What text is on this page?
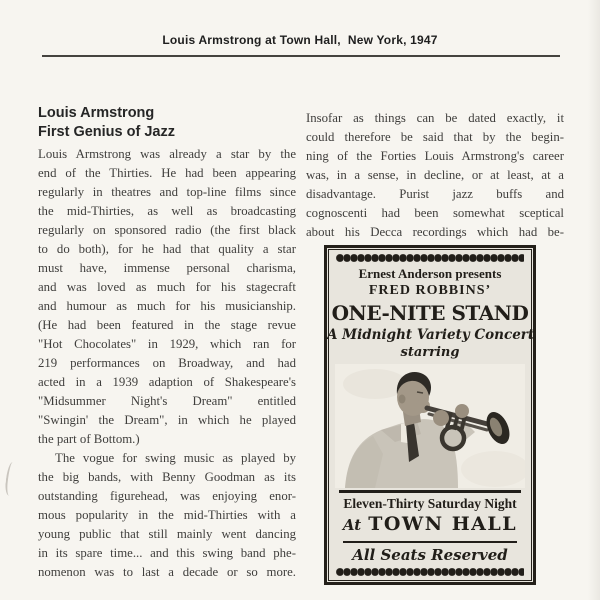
Louis Armstrong at Town Hall,  New York, 1947
Louis Armstrong
First Genius of Jazz
Louis Armstrong was already a star by the
end of the Thirties. He had been appearing
regularly in theatres and top-line films since
the mid-Thirties, as well as broadcasting
regularly on sponsored radio (the first black
to do both), for he had that quality a star
must have, immense personal charisma,
and was loved as much for his stagecraft
and humour as much for his musicianship.
(He had been featured in the stage revue
"Hot Chocolates" in 1929, which ran for
219 performances on Broadway, and had
acted in a 1939 adaption of Shakespeare's
"Midsummer Night's Dream" entitled
"Swingin' the Dream", in which he played
the part of Bottom.)
The vogue for swing music as played by
the big bands, with Benny Goodman as its
outstanding figurehead, was enjoying enor-
mous popularity in the mid-Thirties with a
young public that still mainly went dancing
in its spare time... and this swing band phe-
nomenon was to last a decade or so more.
Insofar as things can be dated exactly, it
could therefore be said that by the begin-
ning of the Forties Louis Armstrong's career
was, in a sense, in decline, or at least, at a
disadvantage. Purist jazz buffs and
cognoscenti had been somewhat sceptical
about his Decca recordings which had be-
Ernest Anderson presents
FRED ROBBINS’
ONE-NITE STAND
A Midnight Variety Concert
starring
Eleven-Thirty Saturday Night
At TOWN HALL
All Seats Reserved
